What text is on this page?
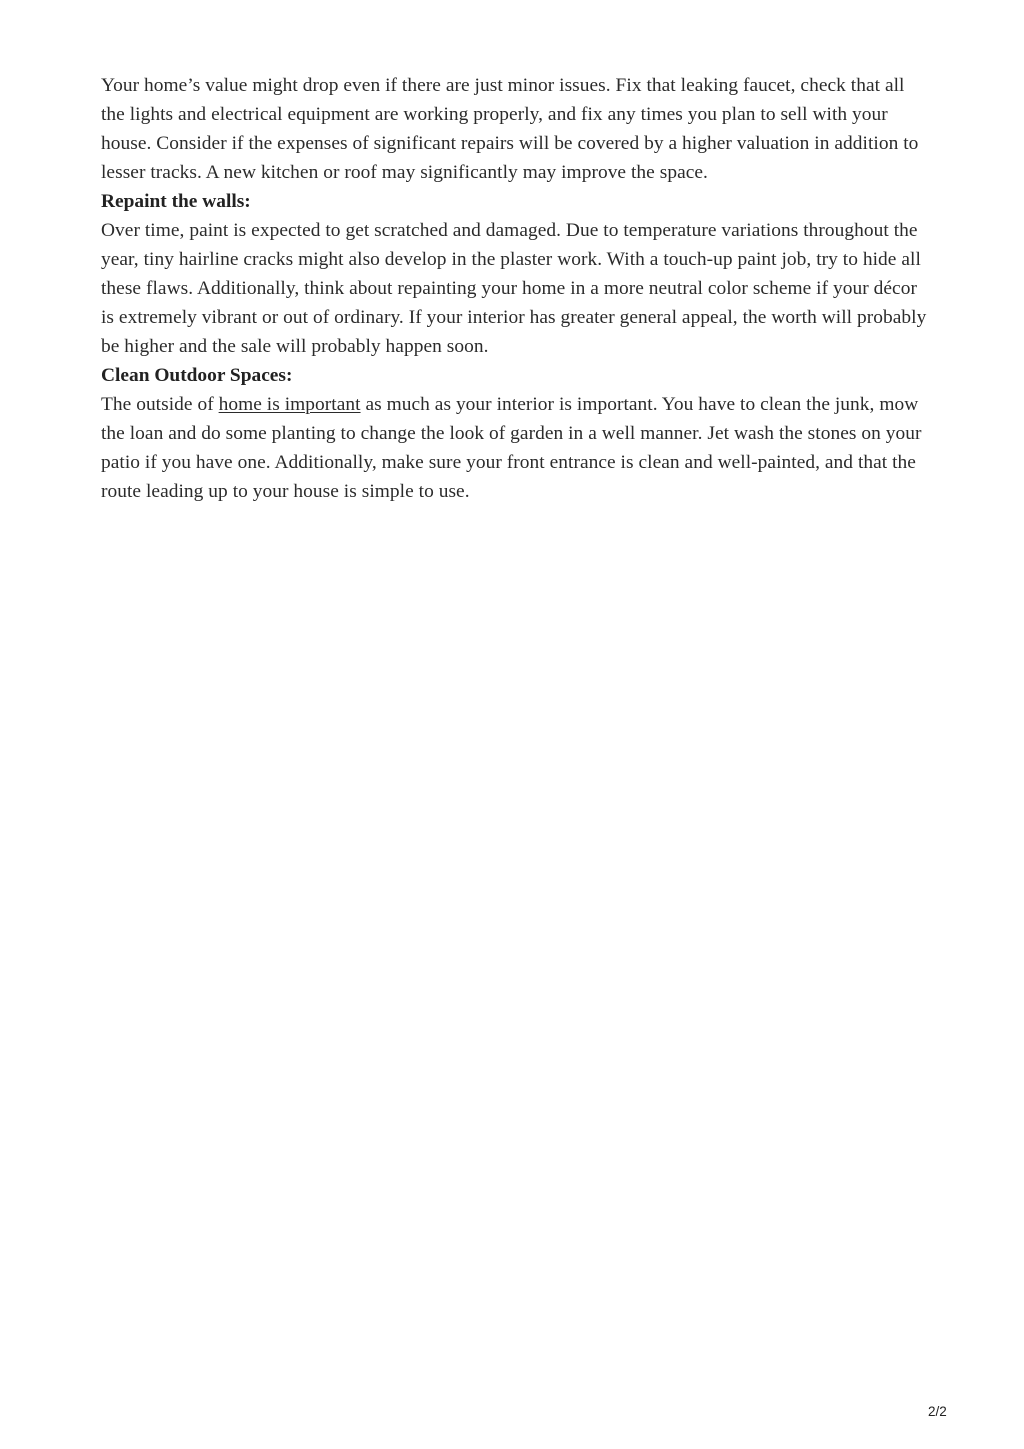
Your home’s value might drop even if there are just minor issues. Fix that leaking faucet, check that all the lights and electrical equipment are working properly, and fix any times you plan to sell with your house. Consider if the expenses of significant repairs will be covered by a higher valuation in addition to lesser tracks. A new kitchen or roof may significantly may improve the space.

Repaint the walls:

Over time, paint is expected to get scratched and damaged. Due to temperature variations throughout the year, tiny hairline cracks might also develop in the plaster work. With a touch-up paint job, try to hide all these flaws. Additionally, think about repainting your home in a more neutral color scheme if your décor is extremely vibrant or out of ordinary. If your interior has greater general appeal, the worth will probably be higher and the sale will probably happen soon.

Clean Outdoor Spaces:

The outside of home is important as much as your interior is important. You have to clean the junk, mow the loan and do some planting to change the look of garden in a well manner. Jet wash the stones on your patio if you have one. Additionally, make sure your front entrance is clean and well-painted, and that the route leading up to your house is simple to use.

2/2
